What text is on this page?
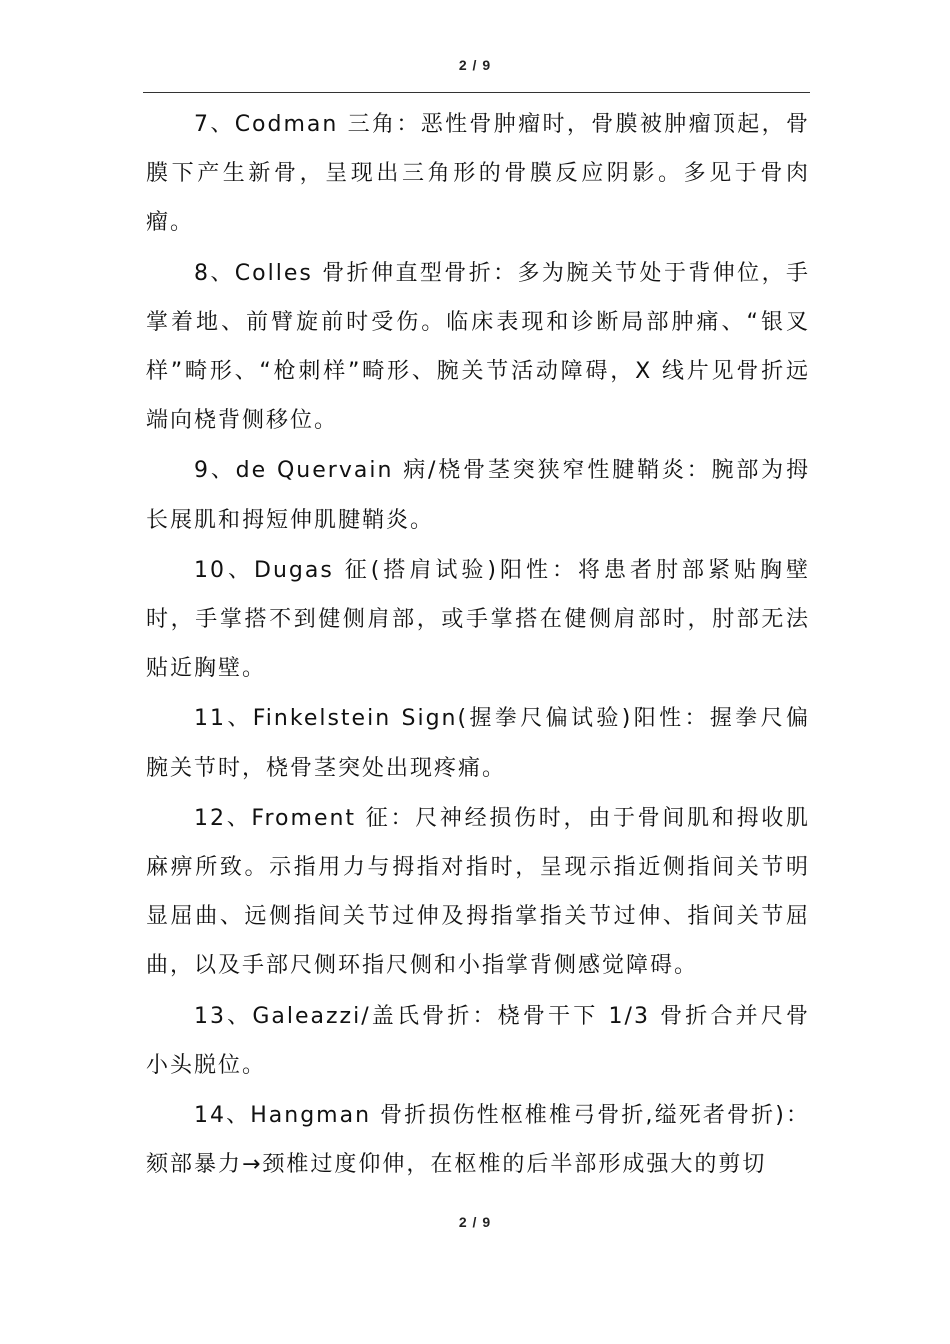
2 / 9

7、Codman 三角：恶性骨肿瘤时，骨膜被肿瘤顶起，骨膜下产生新骨，呈现出三角形的骨膜反应阴影。多见于骨肉瘤。

8、Colles 骨折伸直型骨折：多为腕关节处于背伸位，手掌着地、前臂旋前时受伤。临床表现和诊断局部肿痛、“银叉样”畸形、“枪刺样”畸形、腕关节活动障碍，X 线片见骨折远端向桡背侧移位。

9、de Quervain 病/桡骨茎突狭窄性腱鞘炎：腕部为拇长展肌和拇短伸肌腱鞘炎。

10、Dugas 征(搭肩试验)阳性：将患者肘部紧贴胸壁时，手掌搭不到健侧肩部，或手掌搭在健侧肩部时，肘部无法贴近胸壁。

11、Finkelstein Sign(握拳尺偏试验)阳性：握拳尺偏腕关节时，桡骨茎突处出现疼痛。

12、Froment 征：尺神经损伤时，由于骨间肌和拇收肌麻痹所致。示指用力与拇指对指时，呈现示指近侧指间关节明显屈曲、远侧指间关节过伸及拇指掌指关节过伸、指间关节屈曲，以及手部尺侧环指尺侧和小指掌背侧感觉障碍。

13、Galeazzi/盖氏骨折：桡骨干下 1/3 骨折合并尺骨小头脱位。

14、Hangman 骨折损伤性枢椎椎弓骨折,缢死者骨折)：颏部暴力→颈椎过度仰伸，在枢椎的后半部形成强大的剪切

2 / 9
